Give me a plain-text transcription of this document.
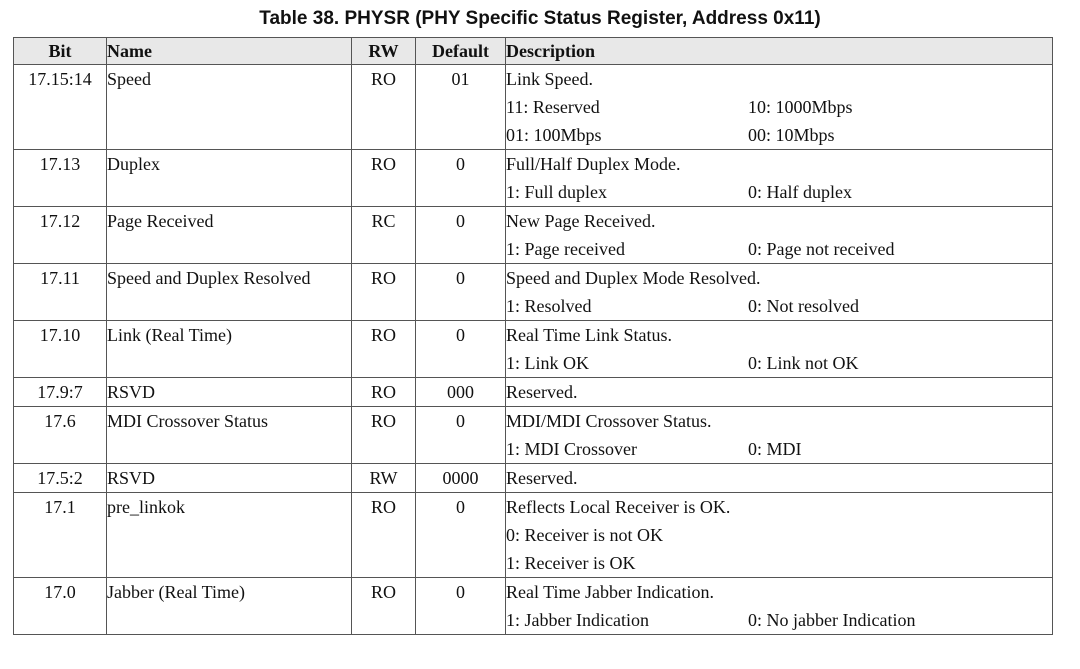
Table 38. PHYSR (PHY Specific Status Register, Address 0x11)
Bit	Name	RW	Default	Description
17.15:14	Speed	RO	01	Link Speed.
11: Reserved 10: 1000Mbps
01: 100Mbps 00: 10Mbps

17.13	Duplex	RO	0	Full/Half Duplex Mode.
1: Full duplex 0: Half duplex

17.12	Page Received	RC	0	New Page Received.
1: Page received 0: Page not received

17.11	Speed and Duplex Resolved	RO	0	Speed and Duplex Mode Resolved.
1: Resolved 0: Not resolved

17.10	Link (Real Time)	RO	0	Real Time Link Status.
1: Link OK 0: Link not OK

17.9:7	RSVD	RO	000	Reserved.

17.6	MDI Crossover Status	RO	0	MDI/MDI Crossover Status.
1: MDI Crossover 0: MDI

17.5:2	RSVD	RW	0000	Reserved.

17.1	pre_linkok	RO	0	Reflects Local Receiver is OK.
0: Receiver is not OK
1: Receiver is OK

17.0	Jabber (Real Time)	RO	0	Real Time Jabber Indication.
1: Jabber Indication 0: No jabber Indication
